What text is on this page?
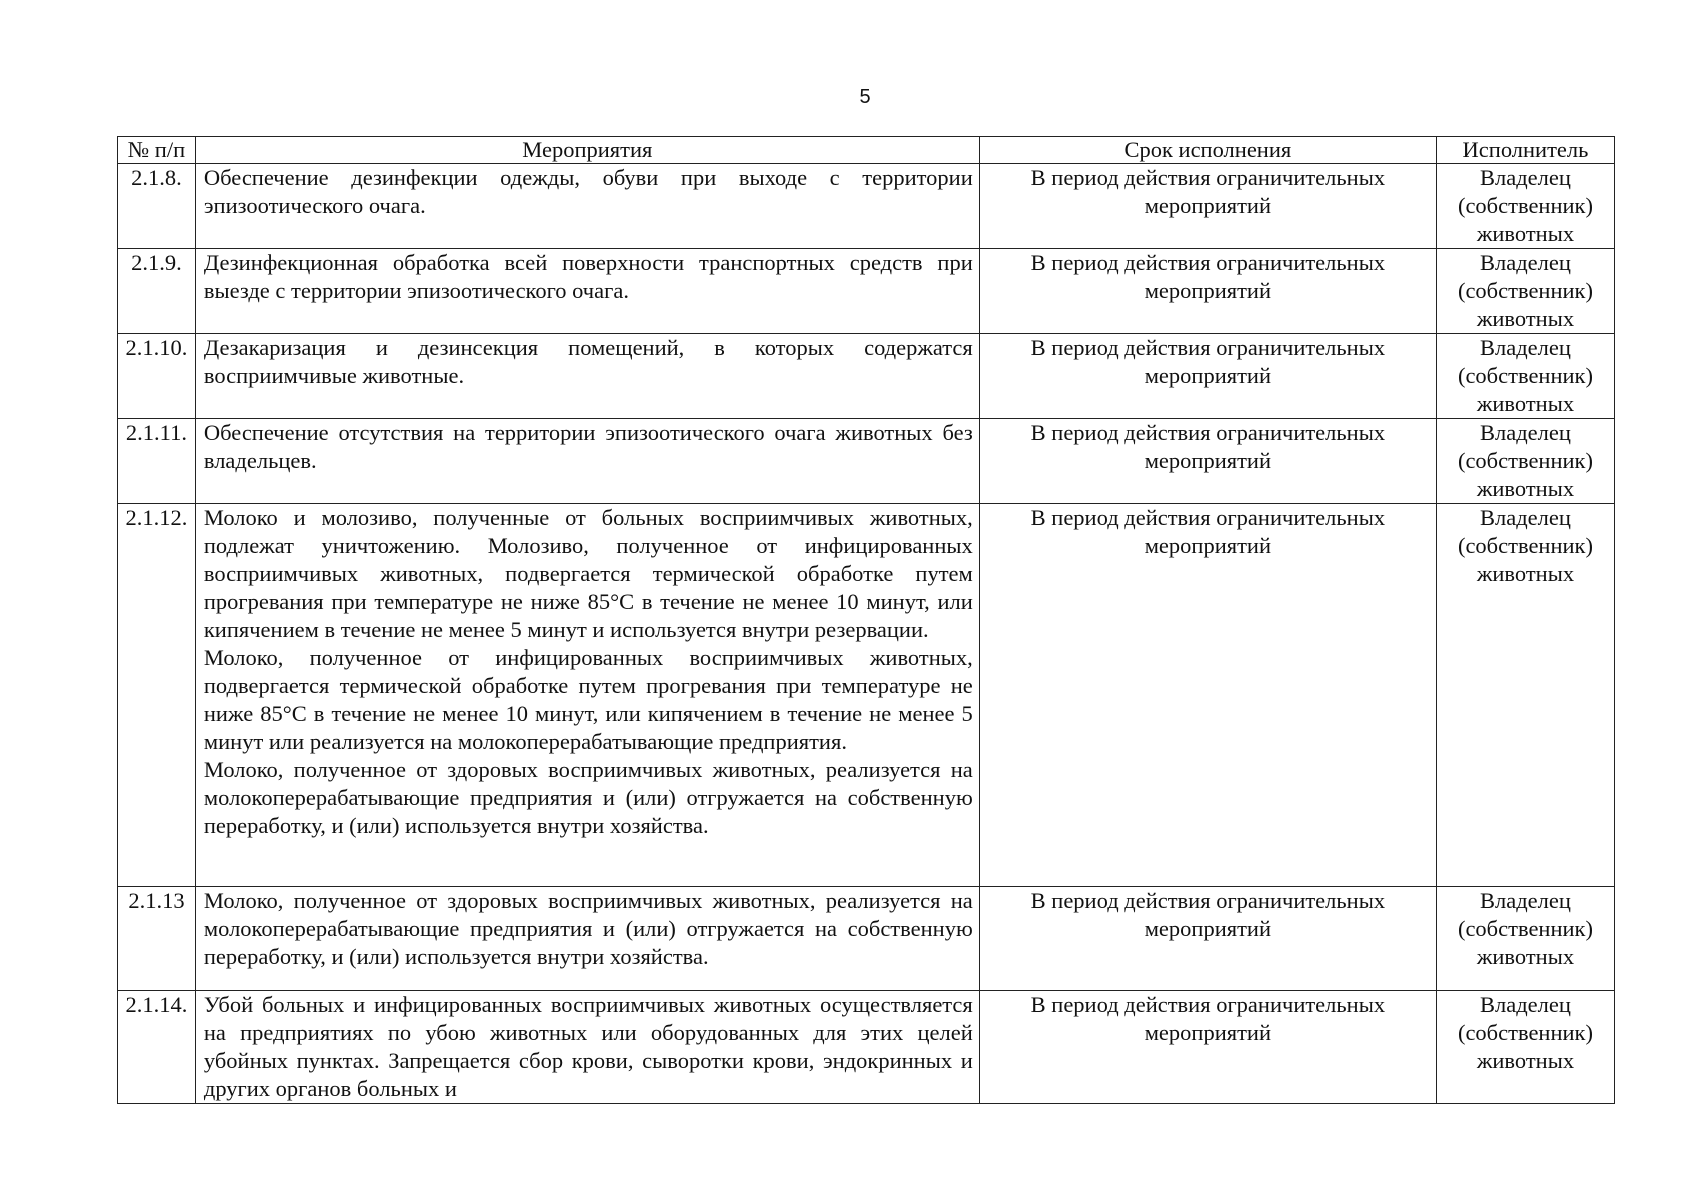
5
№ п/п	Мероприятия	Срок исполнения	Исполнитель
2.1.8.	Обеспечение дезинфекции одежды, обуви при выходе с территории эпизоотического очага.	В период действия ограничительных мероприятий	Владелец (собственник) животных
2.1.9.	Дезинфекционная обработка всей поверхности транспортных средств при выезде с территории эпизоотического очага.	В период действия ограничительных мероприятий	Владелец (собственник) животных
2.1.10.	Дезакаризация и дезинсекция помещений, в которых содержатся восприимчивые животные.	В период действия ограничительных мероприятий	Владелец (собственник) животных
2.1.11.	Обеспечение отсутствия на территории эпизоотического очага животных без владельцев.	В период действия ограничительных мероприятий	Владелец (собственник) животных
2.1.12.	Молоко и молозиво, полученные от больных восприимчивых животных, подлежат уничтожению. Молозиво, полученное от инфицированных восприимчивых животных, подвергается термической обработке путем прогревания при температуре не ниже 85°С в течение не менее 10 минут, или кипячением в течение не менее 5 минут и используется внутри резервации.
Молоко, полученное от инфицированных восприимчивых животных, подвергается термической обработке путем прогревания при температуре не ниже 85°С в течение не менее 10 минут, или кипячением в течение не менее 5 минут или реализуется на молокоперерабатывающие предприятия.
Молоко, полученное от здоровых восприимчивых животных, реализуется на молокоперерабатывающие предприятия и (или) отгружается на собственную переработку, и (или) используется внутри хозяйства.	В период действия ограничительных мероприятий	Владелец (собственник) животных
2.1.13	Молоко, полученное от здоровых восприимчивых животных, реализуется на молокоперерабатывающие предприятия и (или) отгружается на собственную переработку, и (или) используется внутри хозяйства.	В период действия ограничительных мероприятий	Владелец (собственник) животных
2.1.14.	Убой больных и инфицированных восприимчивых животных осуществляется на предприятиях по убою животных или оборудованных для этих целей убойных пунктах. Запрещается сбор крови, сыворотки крови, эндокринных и других органов больных и	В период действия ограничительных мероприятий	Владелец (собственник) животных
